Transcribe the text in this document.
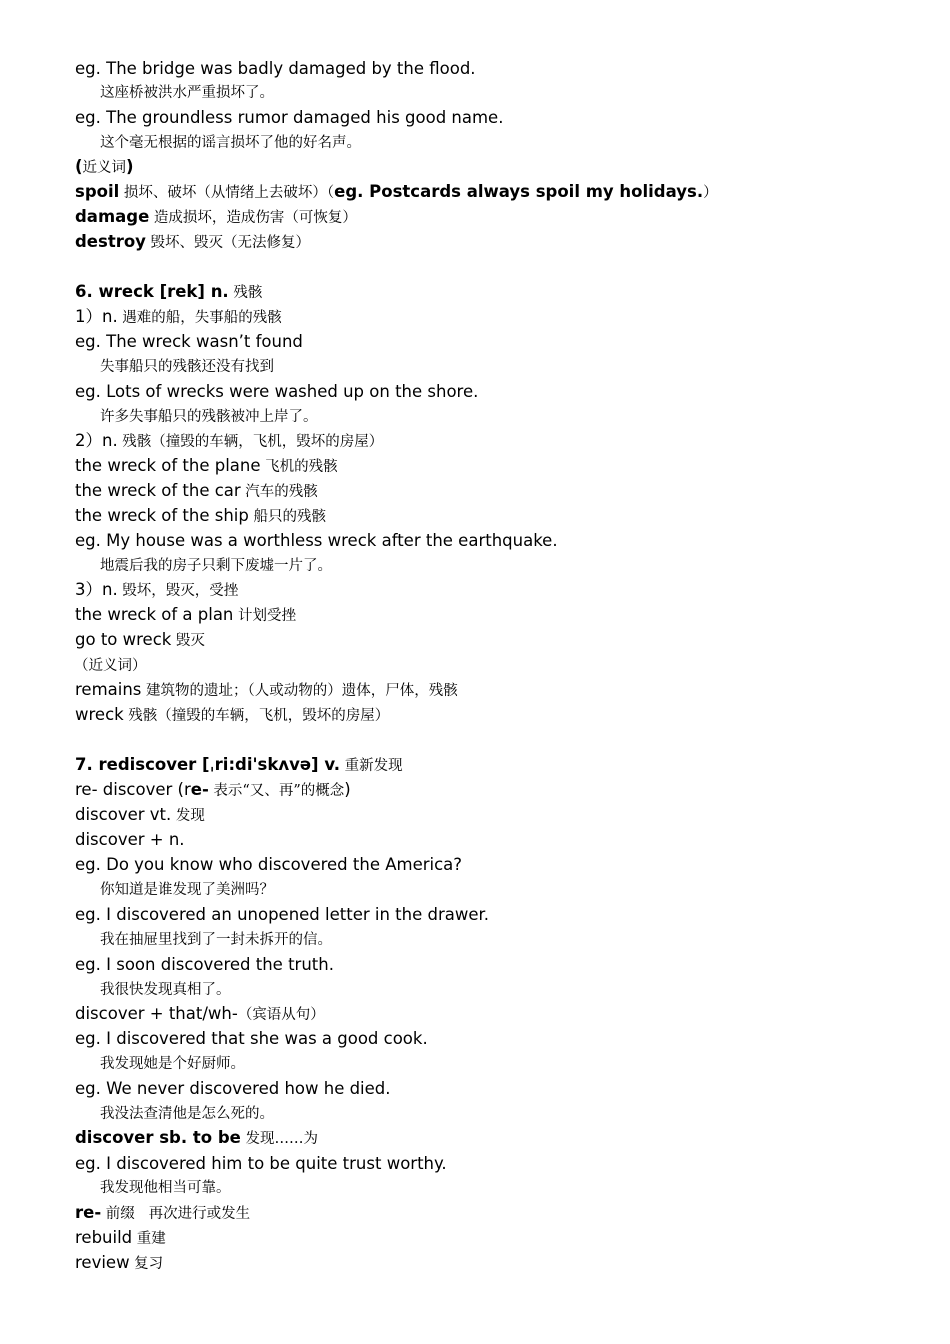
eg. The bridge was badly damaged by the flood.
这座桥被洪水严重损坏了。
eg. The groundless rumor damaged his good name.
这个毫无根据的谣言损坏了他的好名声。
(近义词)
spoil 损坏、破坏（从情绪上去破坏）（eg. Postcards always spoil my holidays.）
damage 造成损坏，造成伤害（可恢复）
destroy 毁坏、毁灭（无法修复）
6. wreck [rek] n. 残骸
1）n. 遇难的船，失事船的残骸
eg. The wreck wasn’t found
失事船只的残骸还没有找到
eg. Lots of wrecks were washed up on the shore.
许多失事船只的残骸被冲上岸了。
2）n. 残骸（撞毁的车辆，飞机，毁坏的房屋）
the wreck of the plane 飞机的残骸
the wreck of the car 汽车的残骸
the wreck of the ship 船只的残骸
eg. My house was a worthless wreck after the earthquake.
地震后我的房子只剩下废墟一片了。
3）n. 毁坏，毁灭，受挫
the wreck of a plan 计划受挫
go to wreck 毁灭
（近义词）
remains 建筑物的遗址；（人或动物的）遗体，尸体，残骸
wreck 残骸（撞毁的车辆，飞机，毁坏的房屋）
7. rediscover [ˌri:di'skʌvə] v. 重新发现
re- discover (re- 表示“又、再”的概念)
discover vt. 发现
discover + n.
eg. Do you know who discovered the America?
你知道是谁发现了美洲吗？
eg. I discovered an unopened letter in the drawer.
我在抽屉里找到了一封未拆开的信。
eg. I soon discovered the truth.
我很快发现真相了。
discover + that/wh-（宾语从句）
eg. I discovered that she was a good cook.
我发现她是个好厨师。
eg. We never discovered how he died.
我没法查清他是怎么死的。
discover sb. to be 发现……为
eg. I discovered him to be quite trust worthy.
我发现他相当可靠。
re- 前缀   再次进行或发生
rebuild 重建
review 复习
